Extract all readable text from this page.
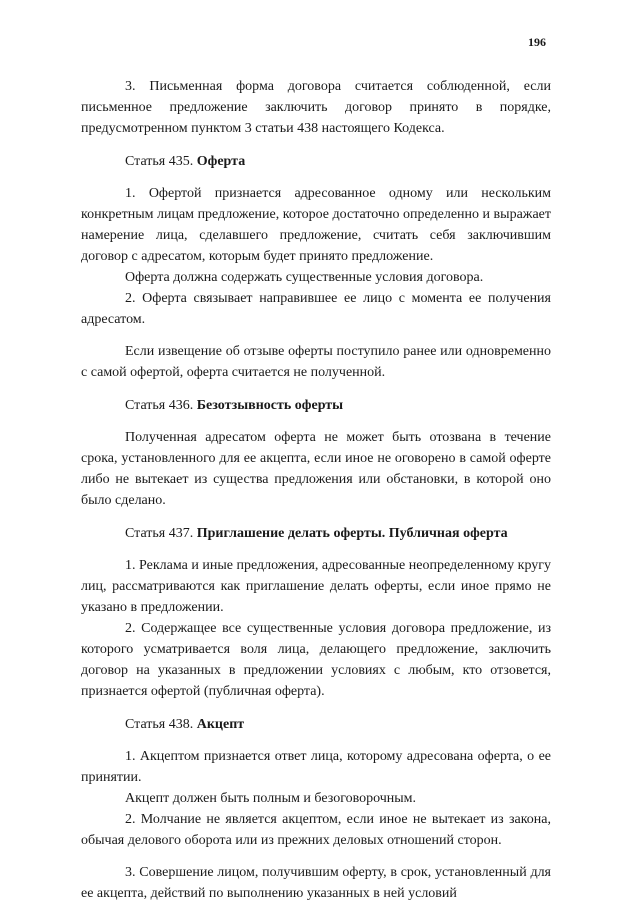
196

3. Письменная форма договора считается соблюденной, если письменное предложение заключить договор принято в порядке, предусмотренном пунктом 3 статьи 438 настоящего Кодекса.

Статья 435. Оферта

1. Офертой признается адресованное одному или нескольким конкретным лицам предложение, которое достаточно определенно и выражает намерение лица, сделавшего предложение, считать себя заключившим договор с адресатом, которым будет принято предложение.

Оферта должна содержать существенные условия договора.

2. Оферта связывает направившее ее лицо с момента ее получения адресатом.

Если извещение об отзыве оферты поступило ранее или одновременно с самой офертой, оферта считается не полученной.

Статья 436. Безотзывность оферты

Полученная адресатом оферта не может быть отозвана в течение срока, установленного для ее акцепта, если иное не оговорено в самой оферте либо не вытекает из существа предложения или обстановки, в которой оно было сделано.

Статья 437. Приглашение делать оферты. Публичная оферта

1. Реклама и иные предложения, адресованные неопределенному кругу лиц, рассматриваются как приглашение делать оферты, если иное прямо не указано в предложении.

2. Содержащее все существенные условия договора предложение, из которого усматривается воля лица, делающего предложение, заключить договор на указанных в предложении условиях с любым, кто отзовется, признается офертой (публичная оферта).

Статья 438. Акцепт

1. Акцептом признается ответ лица, которому адресована оферта, о ее принятии.

Акцепт должен быть полным и безоговорочным.

2. Молчание не является акцептом, если иное не вытекает из закона, обычая делового оборота или из прежних деловых отношений сторон.

3. Совершение лицом, получившим оферту, в срок, установленный для ее акцепта, действий по выполнению указанных в ней условий
